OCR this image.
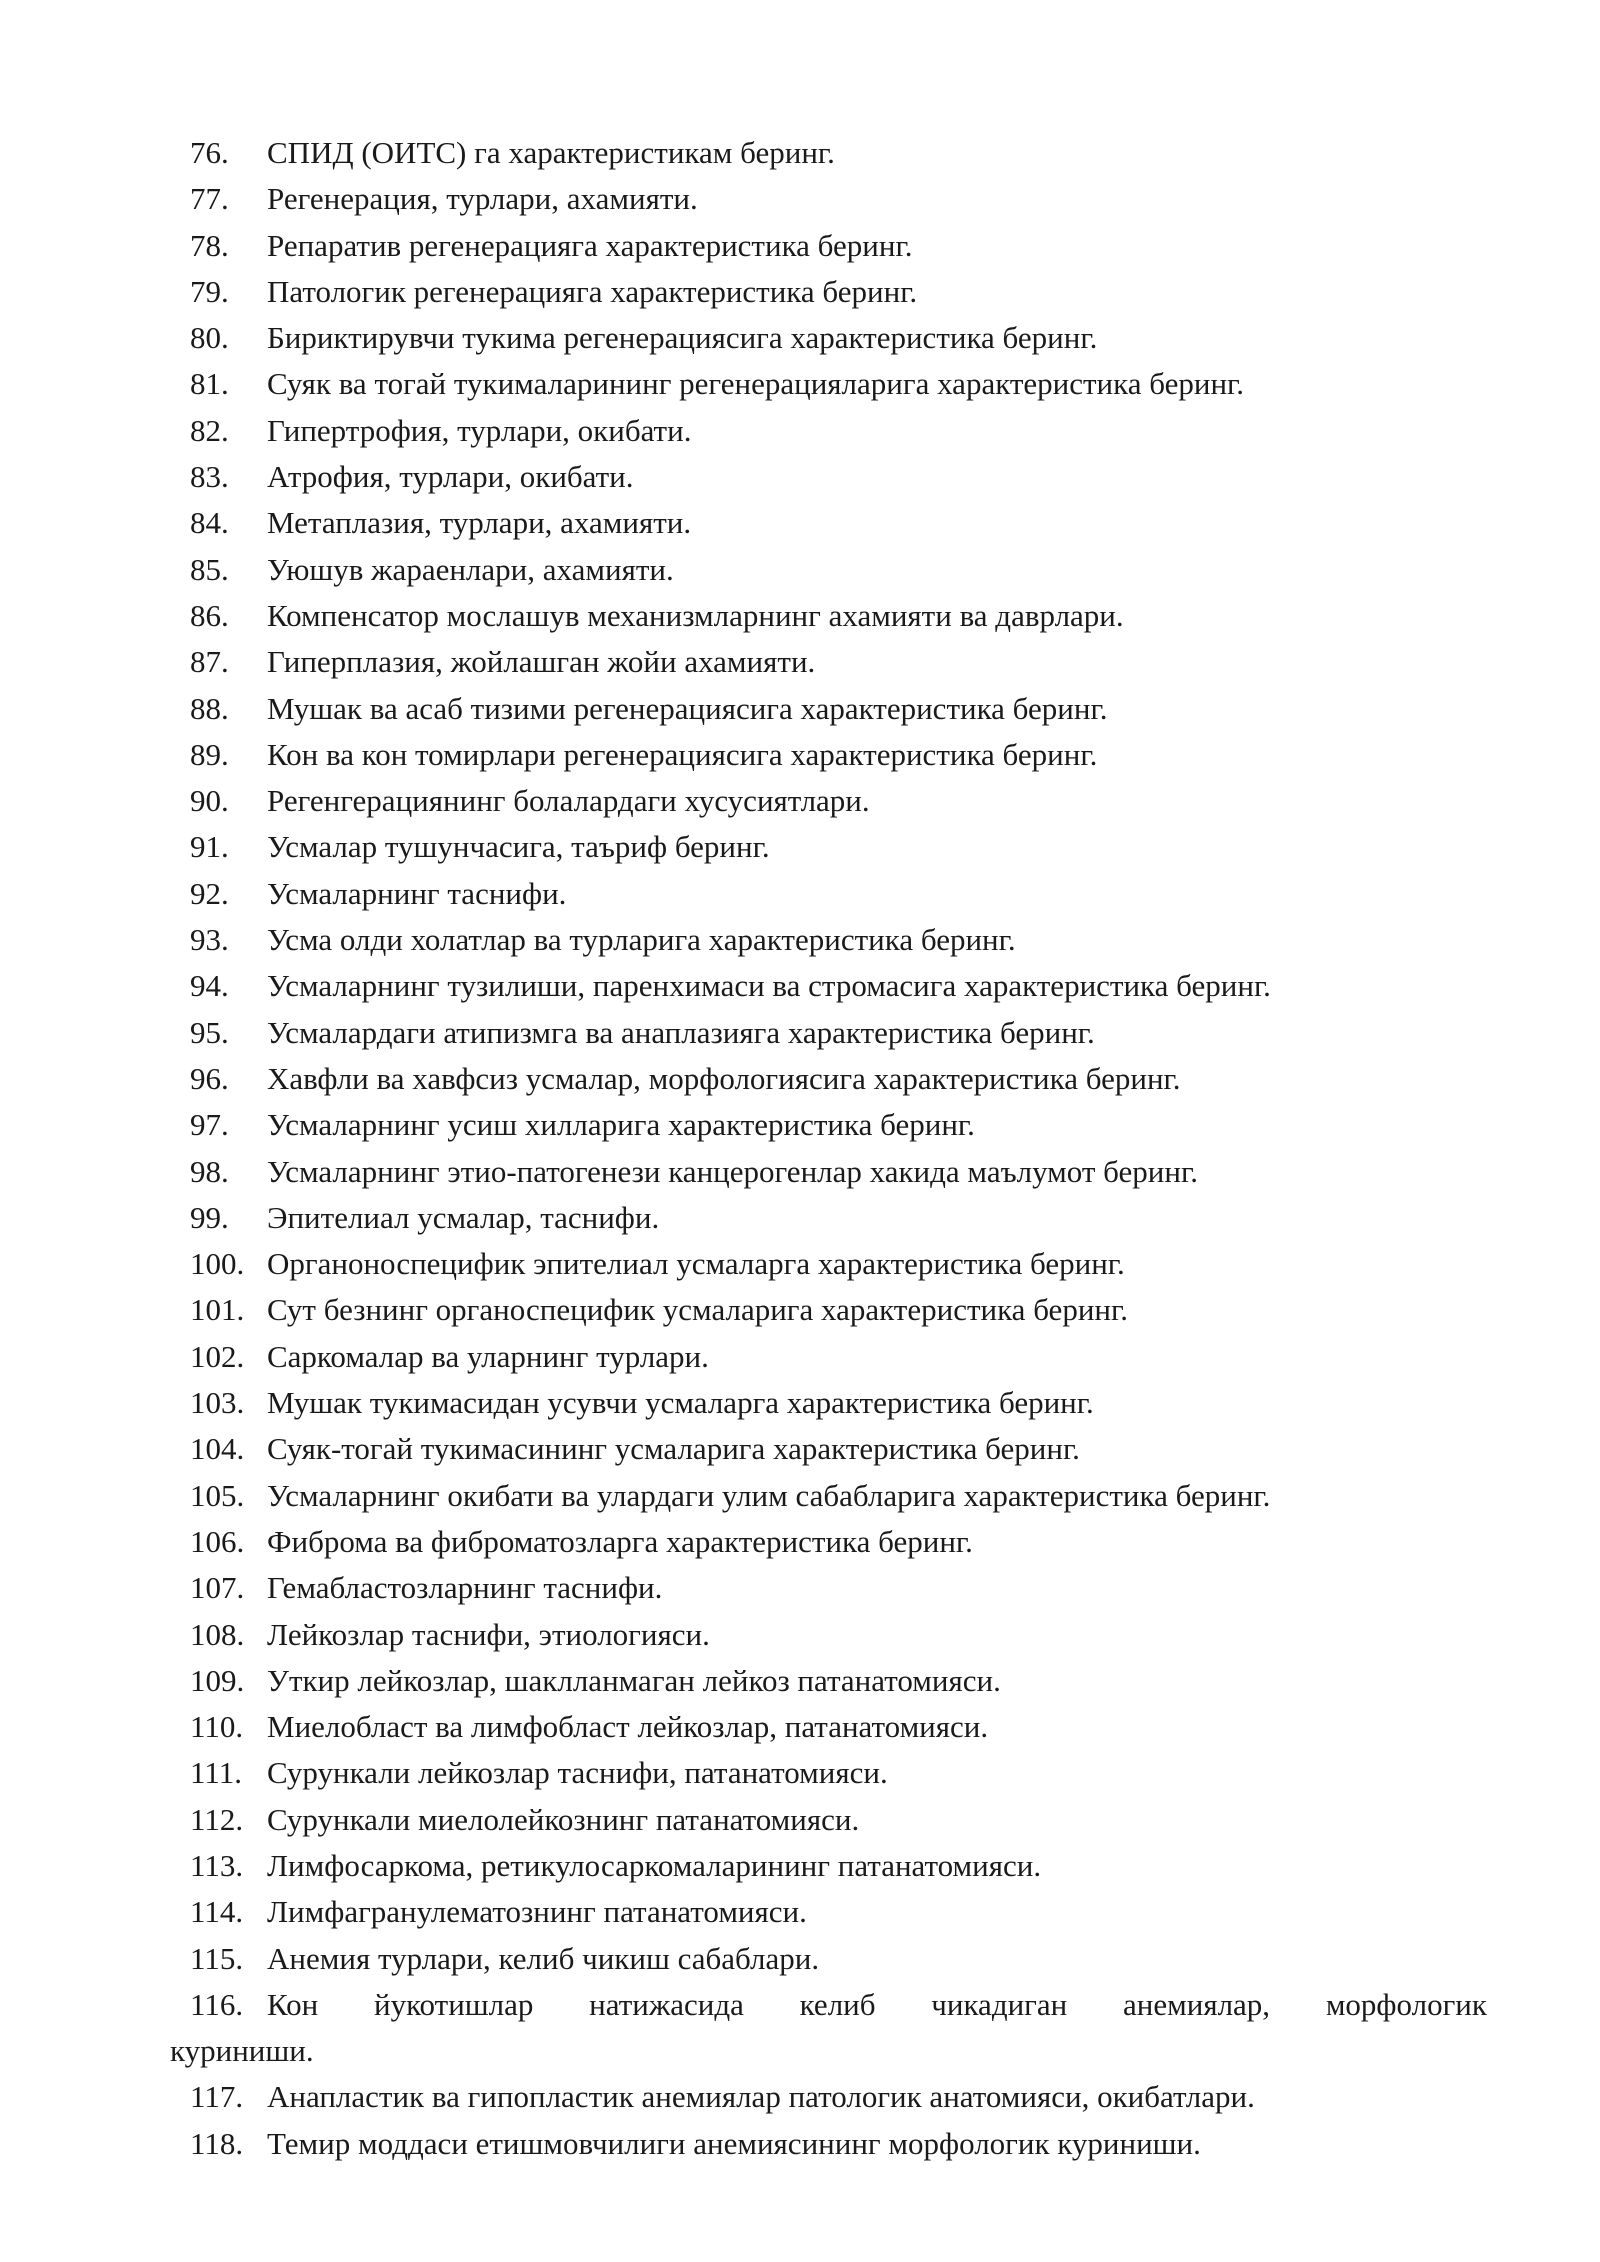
76.	СПИД (ОИТС) га характеристикам беринг.
77.	Регенерация, турлари, ахамияти.
78.	Репаратив регенерацияга характеристика беринг.
79.	Патологик регенерацияга характеристика беринг.
80.	Бириктирувчи тукима регенерациясига характеристика беринг.
81.	Суяк ва тогай тукималарининг регенерацияларига характеристика беринг.
82.	Гипертрофия, турлари, окибати.
83.	Атрофия, турлари, окибати.
84.	Метаплазия, турлари, ахамияти.
85.	Уюшув жараенлари, ахамияти.
86.	Компенсатор мослашув механизмларнинг ахамияти ва даврлари.
87.	Гиперплазия, жойлашган жойи ахамияти.
88.	Мушак ва асаб тизими регенерациясига характеристика беринг.
89.	Кон ва кон томирлари регенерациясига характеристика беринг.
90.	Регенгерациянинг болалардаги хусусиятлари.
91.	Усмалар тушунчасига, таъриф беринг.
92.	Усмаларнинг таснифи.
93.	Усма олди холатлар ва турларига характеристика беринг.
94.	Усмаларнинг тузилиши, паренхимаси ва стромасига характеристика беринг.
95.	Усмалардаги атипизмга ва анаплазияга характеристика беринг.
96.	Хавфли ва хавфсиз усмалар, морфологиясига характеристика беринг.
97.	Усмаларнинг усиш хилларига характеристика беринг.
98.	Усмаларнинг этио-патогенези канцерогенлар хакида маълумот беринг.
99.	Эпителиал усмалар, таснифи.
100. Органоноспецифик эпителиал усмаларга характеристика беринг.
101. Сут безнинг органоспецифик усмаларига характеристика беринг.
102. Саркомалар ва уларнинг турлари.
103. Мушак тукимасидан усувчи усмаларга характеристика беринг.
104. Суяк-тогай тукимасининг усмаларига характеристика беринг.
105. Усмаларнинг окибати ва улардаги улим сабабларига характеристика беринг.
106. Фиброма ва фиброматозларга характеристика беринг.
107. Гемабластозларнинг таснифи.
108. Лейкозлар таснифи, этиологияси.
109. Уткир лейкозлар, шаклланмаган лейкоз патанатомияси.
110. Миелобласт ва лимфобласт лейкозлар, патанатомияси.
111. Сурункали лейкозлар таснифи, патанатомияси.
112. Сурункали миелолейкознинг патанатомияси.
113. Лимфосаркома, ретикулосаркомаларининг патанатомияси.
114. Лимфагранулематознинг патанатомияси.
115. Анемия турлари, келиб чикиш сабаблари.
116. Кон йукотишлар натижасида келиб чикадиган анемиялар, морфологик
куриниши.
117. Анапластик ва гипопластик анемиялар патологик анатомияси, окибатлари.
118. Темир моддаси етишмовчилиги анемиясининг морфологик куриниши.
